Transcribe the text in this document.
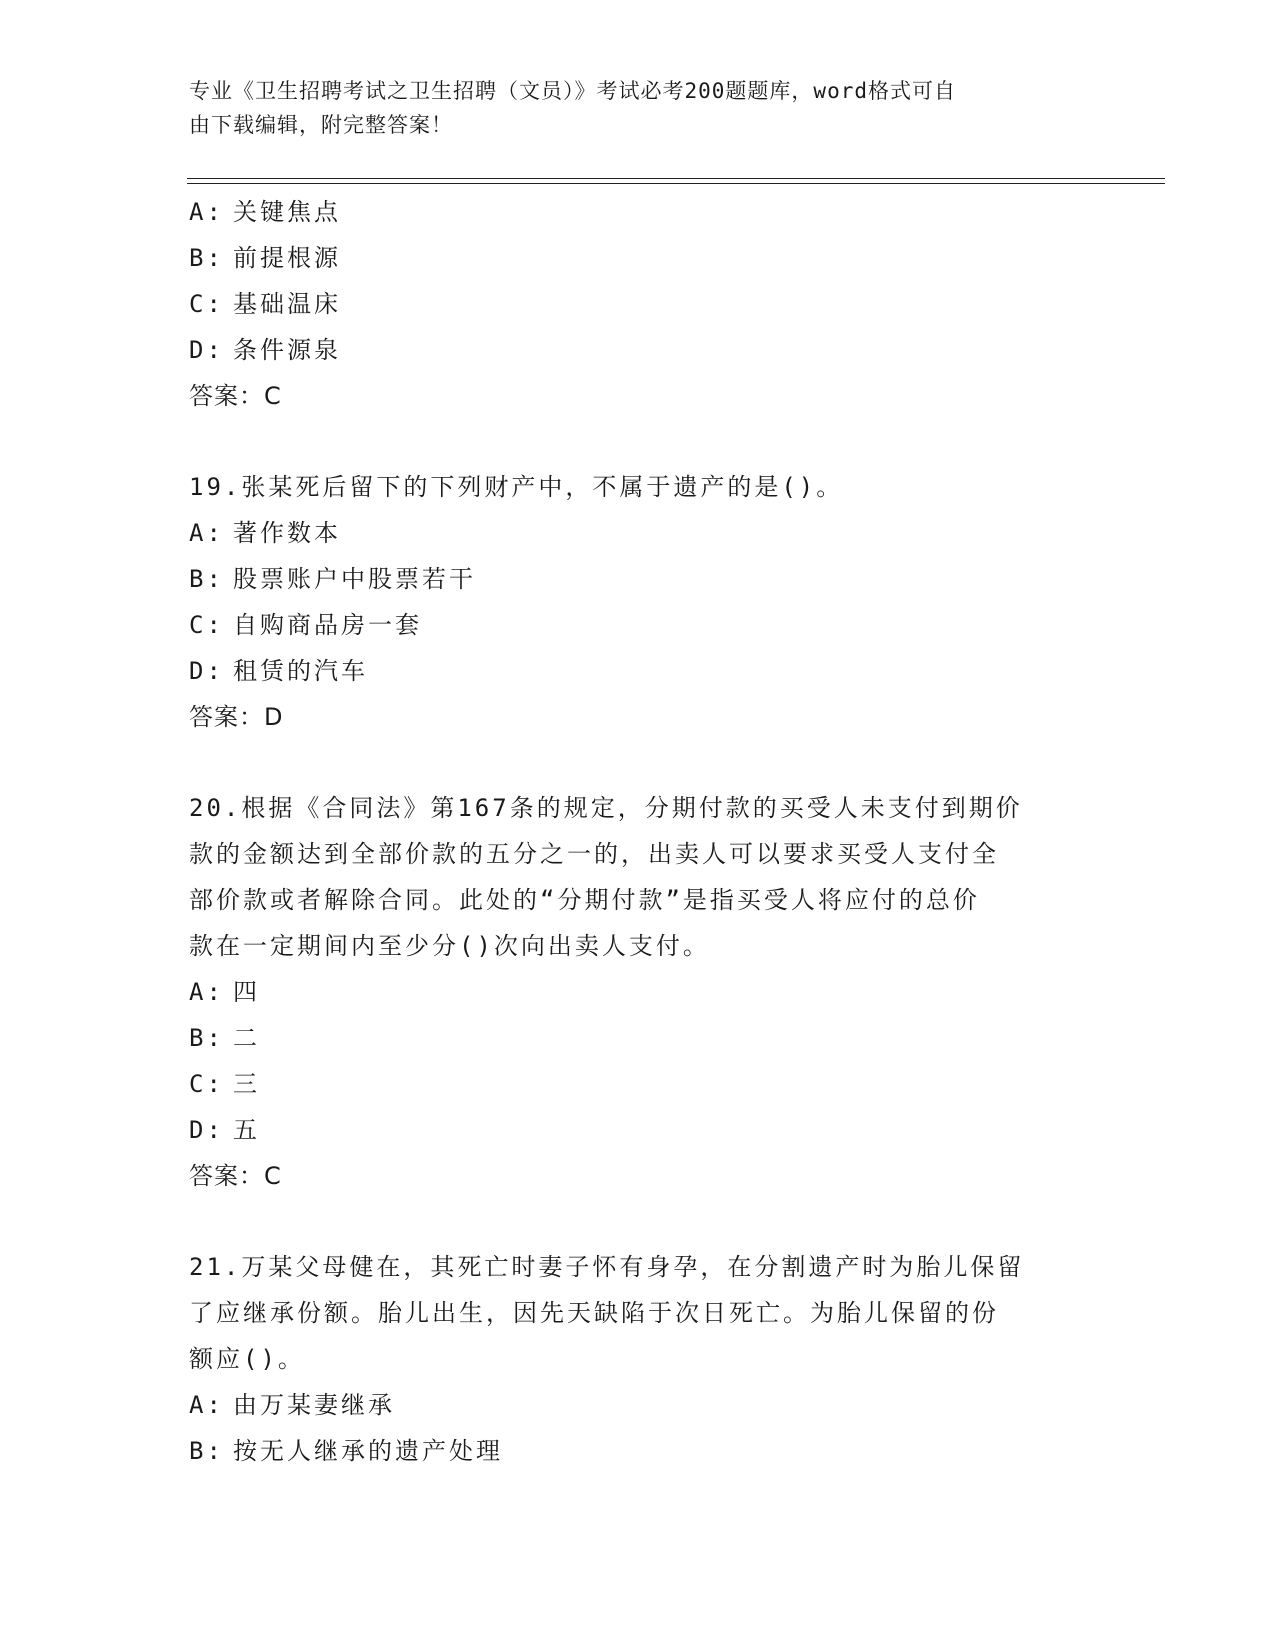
专业《卫生招聘考试之卫生招聘（文员）》考试必考200题题库，word格式可自
由下载编辑，附完整答案！
A: 关键焦点
B: 前提根源
C: 基础温床
D: 条件源泉
答案：C
19.张某死后留下的下列财产中，不属于遗产的是()。
A: 著作数本
B: 股票账户中股票若干
C: 自购商品房一套
D: 租赁的汽车
答案：D
20.根据《合同法》第167条的规定，分期付款的买受人未支付到期价
款的金额达到全部价款的五分之一的，出卖人可以要求买受人支付全
部价款或者解除合同。此处的“分期付款”是指买受人将应付的总价
款在一定期间内至少分()次向出卖人支付。
A: 四
B: 二
C: 三
D: 五
答案：C
21.万某父母健在，其死亡时妻子怀有身孕，在分割遗产时为胎儿保留
了应继承份额。胎儿出生，因先天缺陷于次日死亡。为胎儿保留的份
额应()。
A: 由万某妻继承
B: 按无人继承的遗产处理
